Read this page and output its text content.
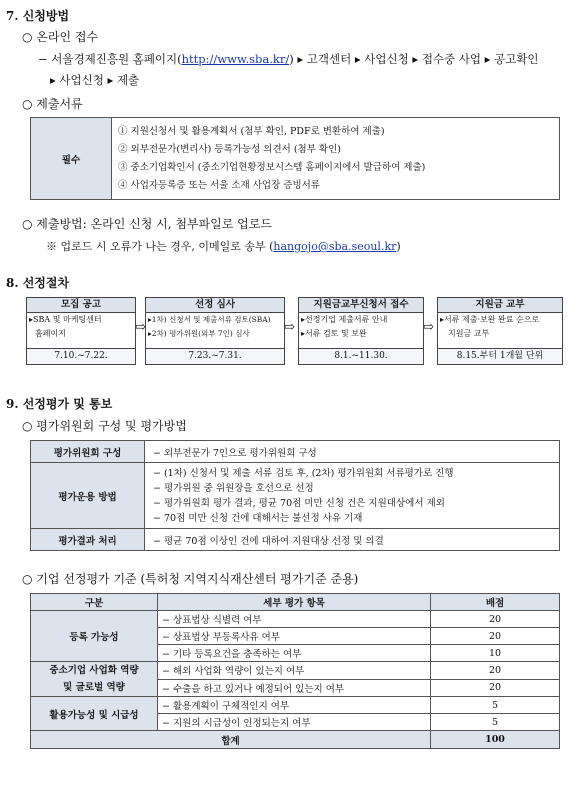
7. 신청방법
○ 온라인 접수
− 서울경제진흥원 홈페이지(http://www.sba.kr/) ▸ 고객센터 ▸ 사업신청 ▸ 접수중 사업 ▸ 공고확인
▸ 사업신청 ▸ 제출
○ 제출서류
필수	
① 지원신청서 및 활용계획서 (첨부 확인, PDF로 변환하여 제출)
② 외부전문가(변리사) 등록가능성 의견서 (첨부 확인)
③ 중소기업확인서 (중소기업현황정보시스템 홈페이지에서 발급하여 제출)
④ 사업자등록증 또는 서울 소재 사업장 증빙서류
○ 제출방법: 온라인 신청 시, 첨부파일로 업로드
※ 업로드 시 오류가 나는 경우, 이메일로 송부 (hangojo@sba.seoul.kr)
8. 선정절차
모집 공고
▸SBA 및 마케팅센터
홈페이지
7.10.~7.22.
⇨
선정 심사
▸1차) 신청서 및 제출서류 검토(SBA)
▸2차) 평가위원(외부 7인) 심사
7.23.~7.31.
⇨
지원금교부신청서 접수
▸선정기업 제출서류 안내
▸서류 검토 및 보완
8.1.~11.30.
⇨
지원금 교부
▸서류 제출·보완 완료 순으로
지원금 교부
8.15.부터 1개월 단위
9. 선정평가 및 통보
○ 평가위원회 구성 및 평가방법
평가위원회 구성	− 외부전문가 7인으로 평가위원회 구성
평가운용 방법	− (1차) 신청서 및 제출 서류 검토 후, (2차) 평가위원회 서류평가로 진행
− 평가위원 중 위원장을 호선으로 선정
− 평가위원회 평가 결과, 평균 70점 미만 신청 건은 지원대상에서 제외
− 70점 미만 신청 건에 대해서는 불선정 사유 기재

평가결과 처리	− 평균 70점 이상인 건에 대하여 지원대상 선정 및 의결
○ 기업 선정평가 기준 (특허청 지역지식재산센터 평가기준 준용)
구분	세부 평가 항목	배점
등록 가능성	− 상표법상 식별력 여부	20
	− 상표법상 부등록사유 여부	20
	− 기타 등록요건을 충족하는 여부	10
중소기업 사업화 역량
및 글로벌 역량	− 해외 사업화 역량이 있는지 여부	20
	− 수출을 하고 있거나 예정되어 있는지 여부	20
활용가능성 및 시급성	− 활용계획이 구체적인지 여부	5
	− 지원의 시급성이 인정되는지 여부	5
합계		100
